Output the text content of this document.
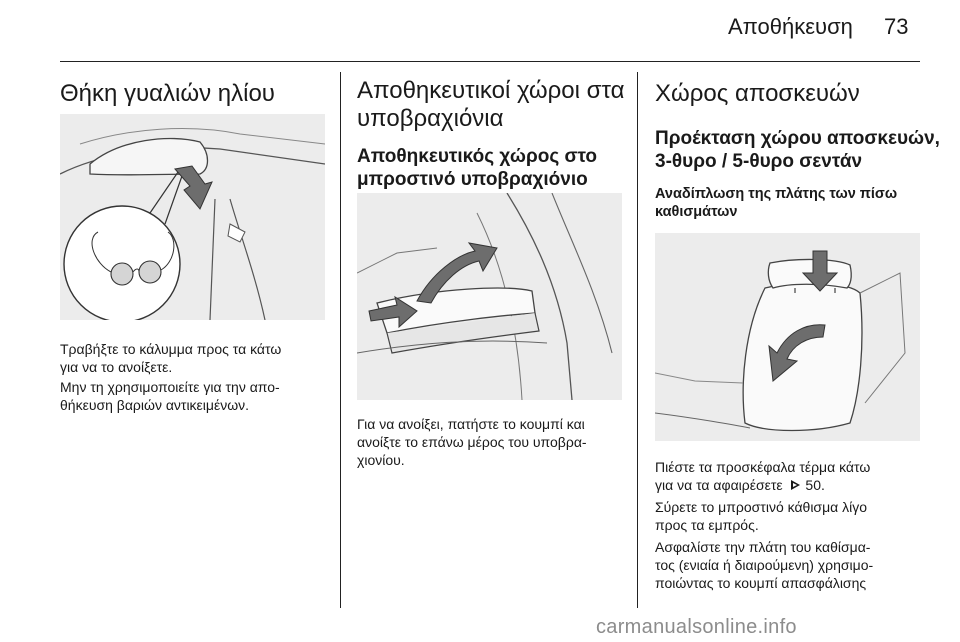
Αποθήκευση 73
Θήκη γυαλιών ηλίου
Τραβήξτε το κάλυμμα προς τα κάτω
για να το ανοίξετε.
Μην τη χρησιμοποιείτε για την απο-
θήκευση βαριών αντικειμένων.
Αποθηκευτικοί χώροι στα
υποβραχιόνια
Αποθηκευτικός χώρος στο
μπροστινό υποβραχιόνιο
Για να ανοίξει, πατήστε το κουμπί και
ανοίξτε το επάνω μέρος του υποβρα-
χιονίου.
Χώρος αποσκευών
Προέκταση χώρου αποσκευών,
3-θυρο / 5-θυρο σεντάν
Αναδίπλωση της πλάτης των πίσω
καθισμάτων
Πιέστε τα προσκέφαλα τέρμα κάτω
για να τα αφαιρέσετε 50.
Σύρετε το μπροστινό κάθισμα λίγο
προς τα εμπρός.
Ασφαλίστε την πλάτη του καθίσμα-
τος (ενιαία ή διαιρούμενη) χρησιμο-
ποιώντας το κουμπί απασφάλισης
carmanualsonline.info
